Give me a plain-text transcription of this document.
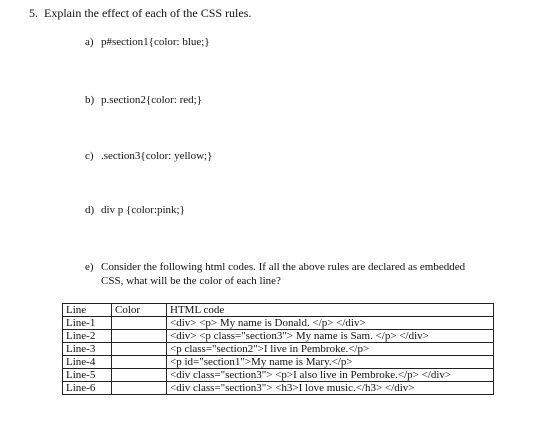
5. Explain the effect of each of the CSS rules.
a) p#section1{color: blue;}
b) p.section2{color: red;}
c) .section3{color: yellow;}
d) div p {color:pink;}
e) Consider the following html codes. If all the above rules are declared as embedded
CSS, what will be the color of each line?
Line	Color	HTML code
Line-1		<div> <p> My name is Donald. </p> </div>
Line-2		<div> <p class="section3"> My name is Sam. </p> </div>
Line-3		<p class="section2">I live in Pembroke.</p>
Line-4		<p id="section1">My name is Mary.</p>
Line-5		<div class="section3"> <p>I also live in Pembroke.</p> </div>
Line-6		<div class="section3"> <h3>I love music.</h3> </div>
